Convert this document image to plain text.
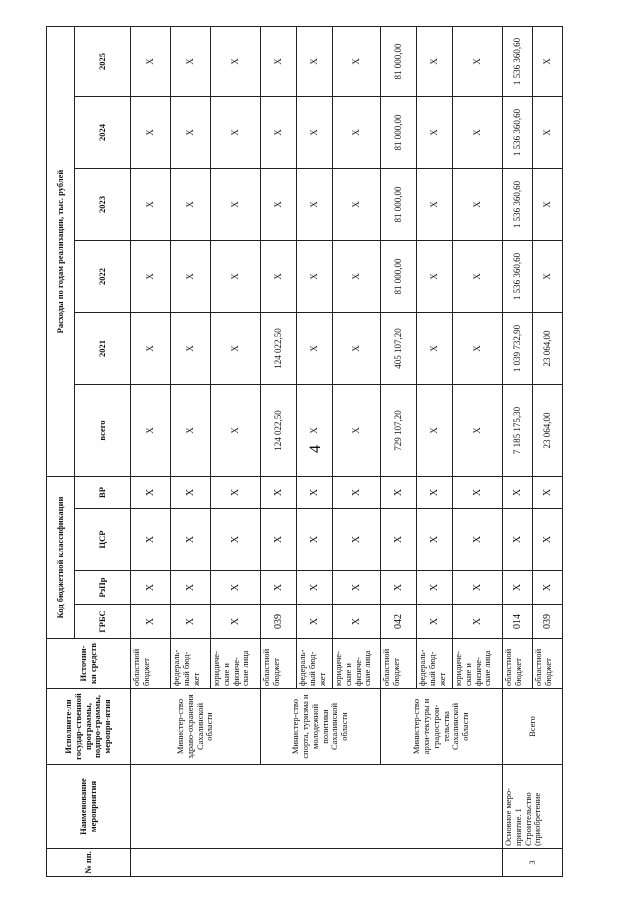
4
№ пп.	Наименование мероприятия	Исполните-ли государ-ственной программы, подпро-граммы, меропри-ятия	Источни-ки средств	Код бюджетной классификации				Расходы по годам реализации, тыс. рублей					
				ГРБС	РзПр	ЦСР	ВР	всего	2021	2022	2023	2024	2025
		Министер-ство здраво-охранения Сахалинской области	областной бюджет	X	X	X	X	X	X	X	X	X	X
			федераль-ный бюд-жет	X	X	X	X	X	X	X	X	X	X
			юридиче-ские и физиче-ские лица	X	X	X	X	X	X	X	X	X	X
		Министер-ство спорта, туризма и молодежной политики Сахалинской области	областной бюджет	039	X	X	X	124 022,50	124 022,50	X	X	X	X
			федераль-ный бюд-жет	X	X	X	X	X	X	X	X	X	X
			юридиче-ские и физиче-ские лица	X	X	X	X	X	X	X	X	X	X
		Министер-ство архи-тектуры и градострои-тельства Сахалинской области	областной бюджет	042	X	X	X	729 107,20	405 107,20	81 000,00	81 000,00	81 000,00	81 000,00
			федераль-ный бюд-жет	X	X	X	X	X	X	X	X	X	X
			юридиче-ские и физиче-ские лица	X	X	X	X	X	X	X	X	X	X
3	Основное меро-приятие. 1 Строительство (приобретение	Всего	областной бюджет	014	X	X	X	7 185 175,30	1 039 732,90	1 536 360,60	1 536 360,60	1 536 360,60	1 536 360,60
			областной бюджет	039	X	X	X	23 064,00	23 064,00	X	X	X	X
